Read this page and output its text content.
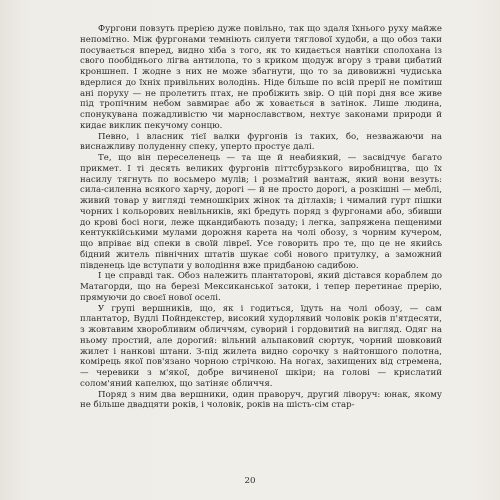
Фургони повзуть прерією дуже повільно, так що здаля їхнього руху майже непомітно. Між фургонами темніють силуети тяглової худоби, а що обоз таки посувається вперед, видно хіба з того, як то кидається навтіки сполохана із свого пообіднього лігва антилопа, то з криком щодуж вгору з трави цибатий кроншнеп. І жодне з них не може збагнути, що то за дивовижні чудиська вдерлися до їхніх привільних володінь. Ніде більше по всій прерії не помітиш ані поруху — не пролетить птах, не пробіжить звір. О цій порі дня все живе під тропічним небом завмирає або ж ховається в затінок. Лише людина, спонукувана пожадливістю чи марнославством, нехтує законами природи й кидає виклик пекучому сонцю.

Певно, і власник тієї валки фургонів із таких, бо, незважаючи на виснажливу полуденну спеку, уперто простує далі.

Те, що він переселенець — та ще й неабиякий, — засвідчує багато прикмет. І ті десять великих фургонів піттсбурзького виробництва, що їх насилу тягнуть по восьмеро мулів; і розмаїтий вантаж, який вони везуть: сила-силенна всякого харчу, дорогі — й не просто дорогі, а розкішні — меблі, живий товар у вигляді темношкірих жінок та дітлахів; і чималий гурт пішки чорних і кольорових невільників, які бредуть поряд з фургонами або, збивши до крові босі ноги, леже щкандибають позаду; і легка, запряжена пещеними кентуккійськими мулами дорожня карета на чолі обозу, з чорним кучером, що впріває від спеки в своїй лівреї. Усе говорить про те, що це не якийсь бідний житель північних штатів шукає собі нового притулку, а заможний південець іде вступати у володіння вже придбаною садибою.

І це справді так. Обоз належить плантаторові, який дістався кораблем до Матагорди, що на березі Мексиканської затоки, і тепер перетинає прерію, прямуючи до своєї нової оселі.

У групі вершників, що, як і годиться, їдуть на чолі обозу, — сам плантатор, Вудлі Пойндекстер, високий худорлявий чоловік років п'ятдесяти, з жовтавим хворобливим обличчям, суворий і гордовитий на вигляд. Одяг на ньому простий, але дорогий: вільний альпаковий сюртук, чорний шовковий жилет і нанкові штани. З-під жилета видно сорочку з найтоншого полотна, комірець якої пов'язано чорною стрічкою. На ногах, захищених від стремена, — черевики з м'якої, добре вичиненої шкіри; на голові — крислатий солом'яний капелюх, що затіняє обличчя.

Поряд з ним два вершники, один праворуч, другий ліворуч: юнак, якому не більше двадцяти років, і чоловік, років на шість-сім стар-

20
